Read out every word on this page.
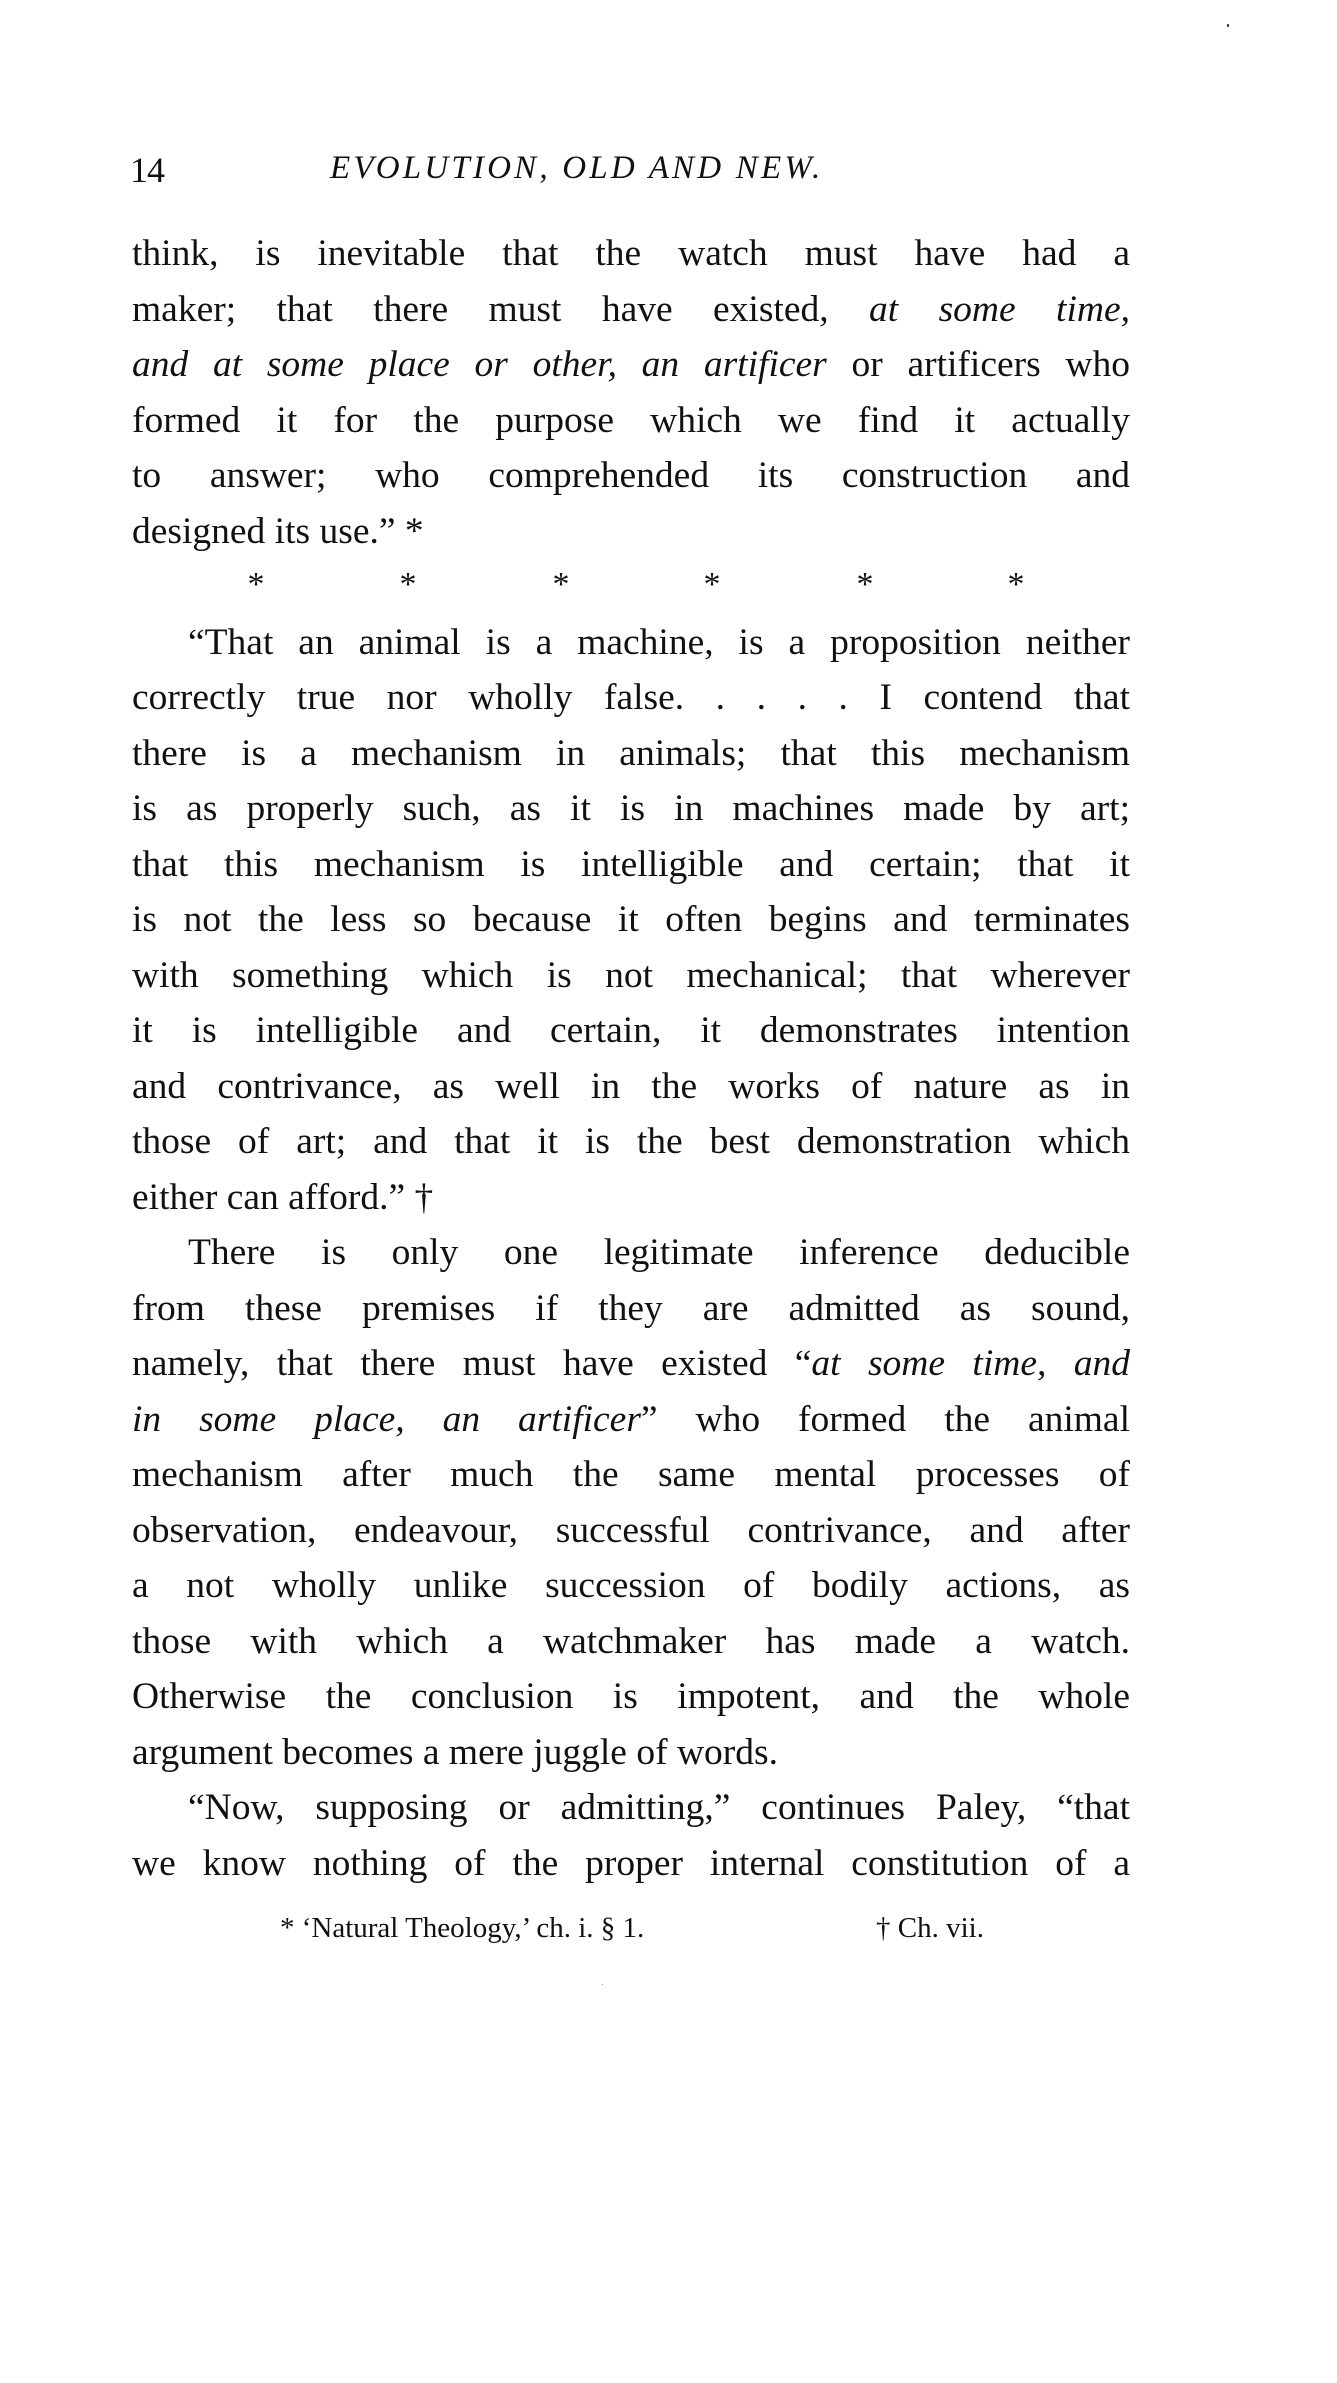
14	EVOLUTION, OLD AND NEW.
think, is inevitable that the watch must have had a
maker; that there must have existed, at some time,
and at some place or other, an artificer or artificers who
formed it for the purpose which we find it actually
to answer; who comprehended its construction and
designed its use.” *
*	*	*	*	*	*
“That an animal is a machine, is a proposition neither
correctly true nor wholly false. . . . . I contend that
there is a mechanism in animals; that this mechanism
is as properly such, as it is in machines made by art;
that this mechanism is intelligible and certain; that it
is not the less so because it often begins and terminates
with something which is not mechanical; that wherever
it is intelligible and certain, it demonstrates intention
and contrivance, as well in the works of nature as in
those of art; and that it is the best demonstration which
either can afford.” †
There is only one legitimate inference deducible
from these premises if they are admitted as sound,
namely, that there must have existed “at some time, and
in some place, an artificer” who formed the animal
mechanism after much the same mental processes of
observation, endeavour, successful contrivance, and after
a not wholly unlike succession of bodily actions, as
those with which a watchmaker has made a watch.
Otherwise the conclusion is impotent, and the whole
argument becomes a mere juggle of words.
“Now, supposing or admitting,” continues Paley, “that
we know nothing of the proper internal constitution of a
* ‘Natural Theology,’ ch. i. § 1.	† Ch. vii.
